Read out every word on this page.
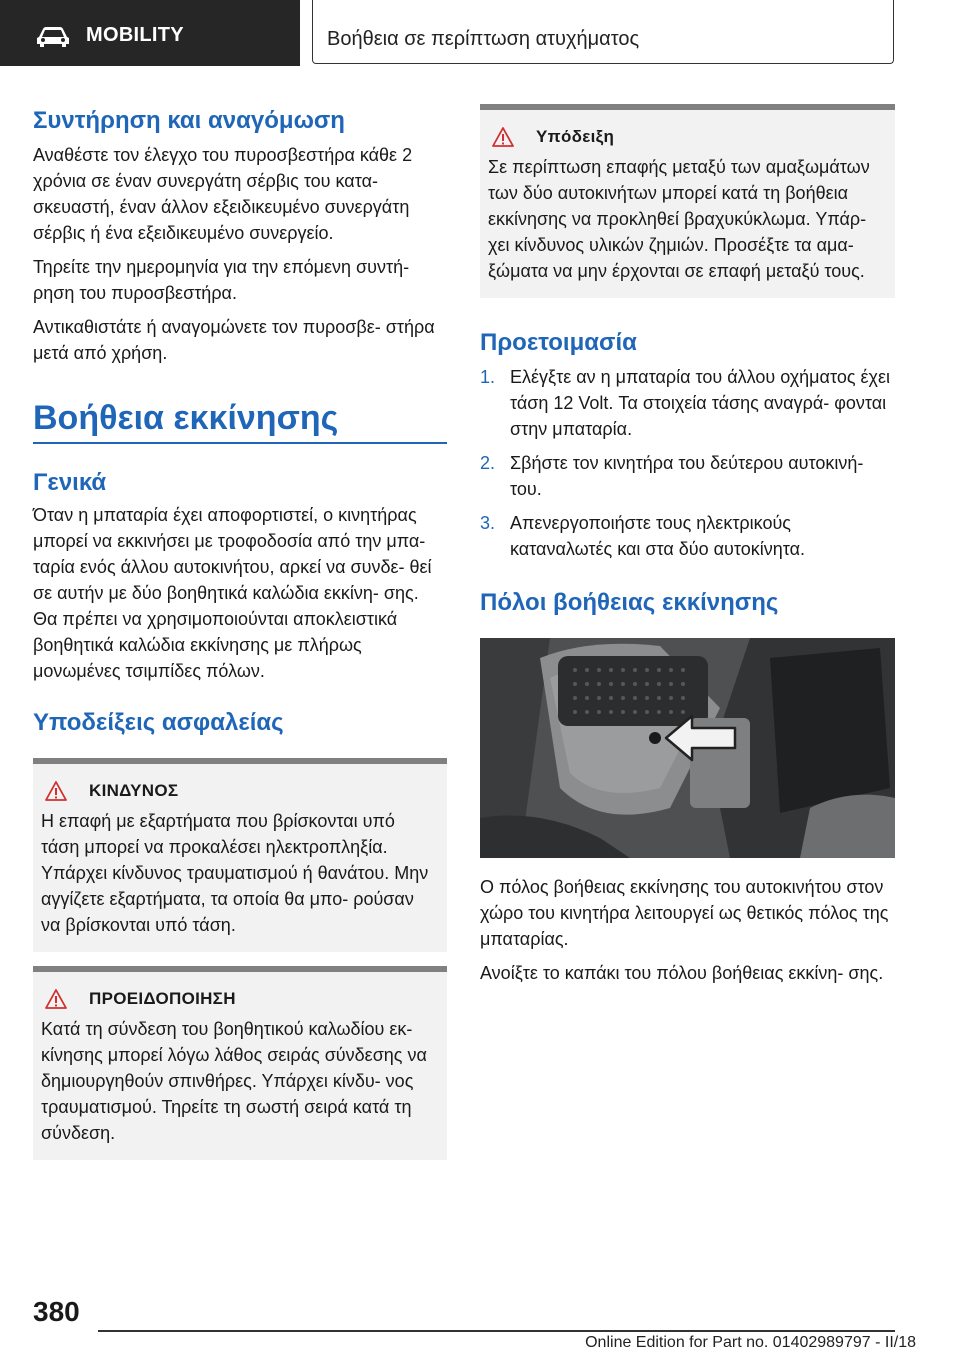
MOBILITY	Βοήθεια σε περίπτωση ατυχήματος
Συντήρηση και αναγόμωση

Αναθέστε τον έλεγχο του πυροσβεστήρα κάθε 2 χρόνια σε έναν συνεργάτη σέρβις του κατα- σκευαστή, έναν άλλον εξειδικευμένο συνεργάτη σέρβις ή ένα εξειδικευμένο συνεργείο.

Τηρείτε την ημερομηνία για την επόμενη συντή- ρηση του πυροσβεστήρα.

Αντικαθιστάτε ή αναγομώνετε τον πυροσβε- στήρα μετά από χρήση.

Βοήθεια εκκίνησης
Γενικά

Όταν η μπαταρία έχει αποφορτιστεί, ο κινητήρας μπορεί να εκκινήσει με τροφοδοσία από την μπα- ταρία ενός άλλου αυτοκινήτου, αρκεί να συνδε- θεί σε αυτήν με δύο βοηθητικά καλώδια εκκίνη- σης. Θα πρέπει να χρησιμοποιούνται αποκλειστικά βοηθητικά καλώδια εκκίνησης με πλήρως μονωμένες τσιμπίδες πόλων.

Υποδείξεις ασφαλείας
ΚΙΝΔΥΝΟΣ

Η επαφή με εξαρτήματα που βρίσκονται υπό τάση μπορεί να προκαλέσει ηλεκτροπληξία. Υπάρχει κίνδυνος τραυματισμού ή θανάτου. Μην αγγίζετε εξαρτήματα, τα οποία θα μπο- ρούσαν να βρίσκονται υπό τάση.

ΠΡΟΕΙΔΟΠΟΙΗΣΗ

Κατά τη σύνδεση του βοηθητικού καλωδίου εκ- κίνησης μπορεί λόγω λάθος σειράς σύνδεσης να δημιουργηθούν σπινθήρες. Υπάρχει κίνδυ- νος τραυματισμού. Τηρείτε τη σωστή σειρά κατά τη σύνδεση.

Υπόδειξη

Σε περίπτωση επαφής μεταξύ των αμαξωμάτων των δύο αυτοκινήτων μπορεί κατά τη βοήθεια εκκίνησης να προκληθεί βραχυκύκλωμα. Υπάρ- χει κίνδυνος υλικών ζημιών. Προσέξτε τα αμα- ξώματα να μην έρχονται σε επαφή μεταξύ τους.

Προετοιμασία
1. Ελέγξτε αν η μπαταρία του άλλου οχήματος έχει τάση 12 Volt. Τα στοιχεία τάσης αναγρά- φονται στην μπαταρία.
2. Σβήστε τον κινητήρα του δεύτερου αυτοκινή- του.
3. Απενεργοποιήστε τους ηλεκτρικούς καταναλωτές και στα δύο αυτοκίνητα.
Πόλοι βοήθειας εκκίνησης

Ο πόλος βοήθειας εκκίνησης του αυτοκινήτου στον χώρο του κινητήρα λειτουργεί ως θετικός πόλος της μπαταρίας.

Ανοίξτε το καπάκι του πόλου βοήθειας εκκίνη- σης.

380
Online Edition for Part no. 01402989797 - II/18
